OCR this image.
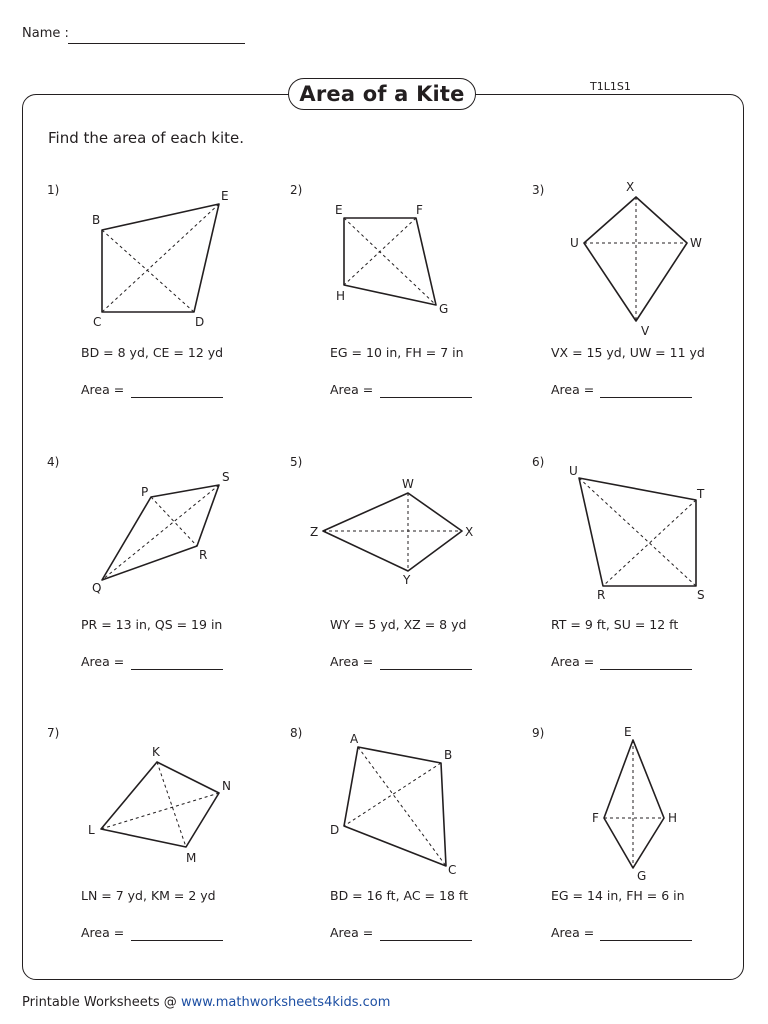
Name :
Area of a Kite	T1L1S1
Find the area of each kite.
1)
B
E
C	D
BD = 8 yd, CE = 12 yd
Area =
2)
E	F
H
G
EG = 10 in, FH = 7 in
Area =
3)	X
U	W
V
VX = 15 yd, UW = 11 yd
Area =
4)
P
S
R
Q
PR = 13 in, QS = 19 in
Area =
5)
W
Z	X
Y
WY = 5 yd, XZ = 8 yd
Area =
6)
U
T
R	S
RT = 9 ft, SU = 12 ft
Area =
7)
K
N
L
M
LN = 7 yd, KM = 2 yd
Area =
8)	A
B
D
C
BD = 16 ft, AC = 18 ft
Area =
9)	E
F	H
G
EG = 14 in, FH = 6 in
Area =
Printable Worksheets @ www.mathworksheets4kids.com
